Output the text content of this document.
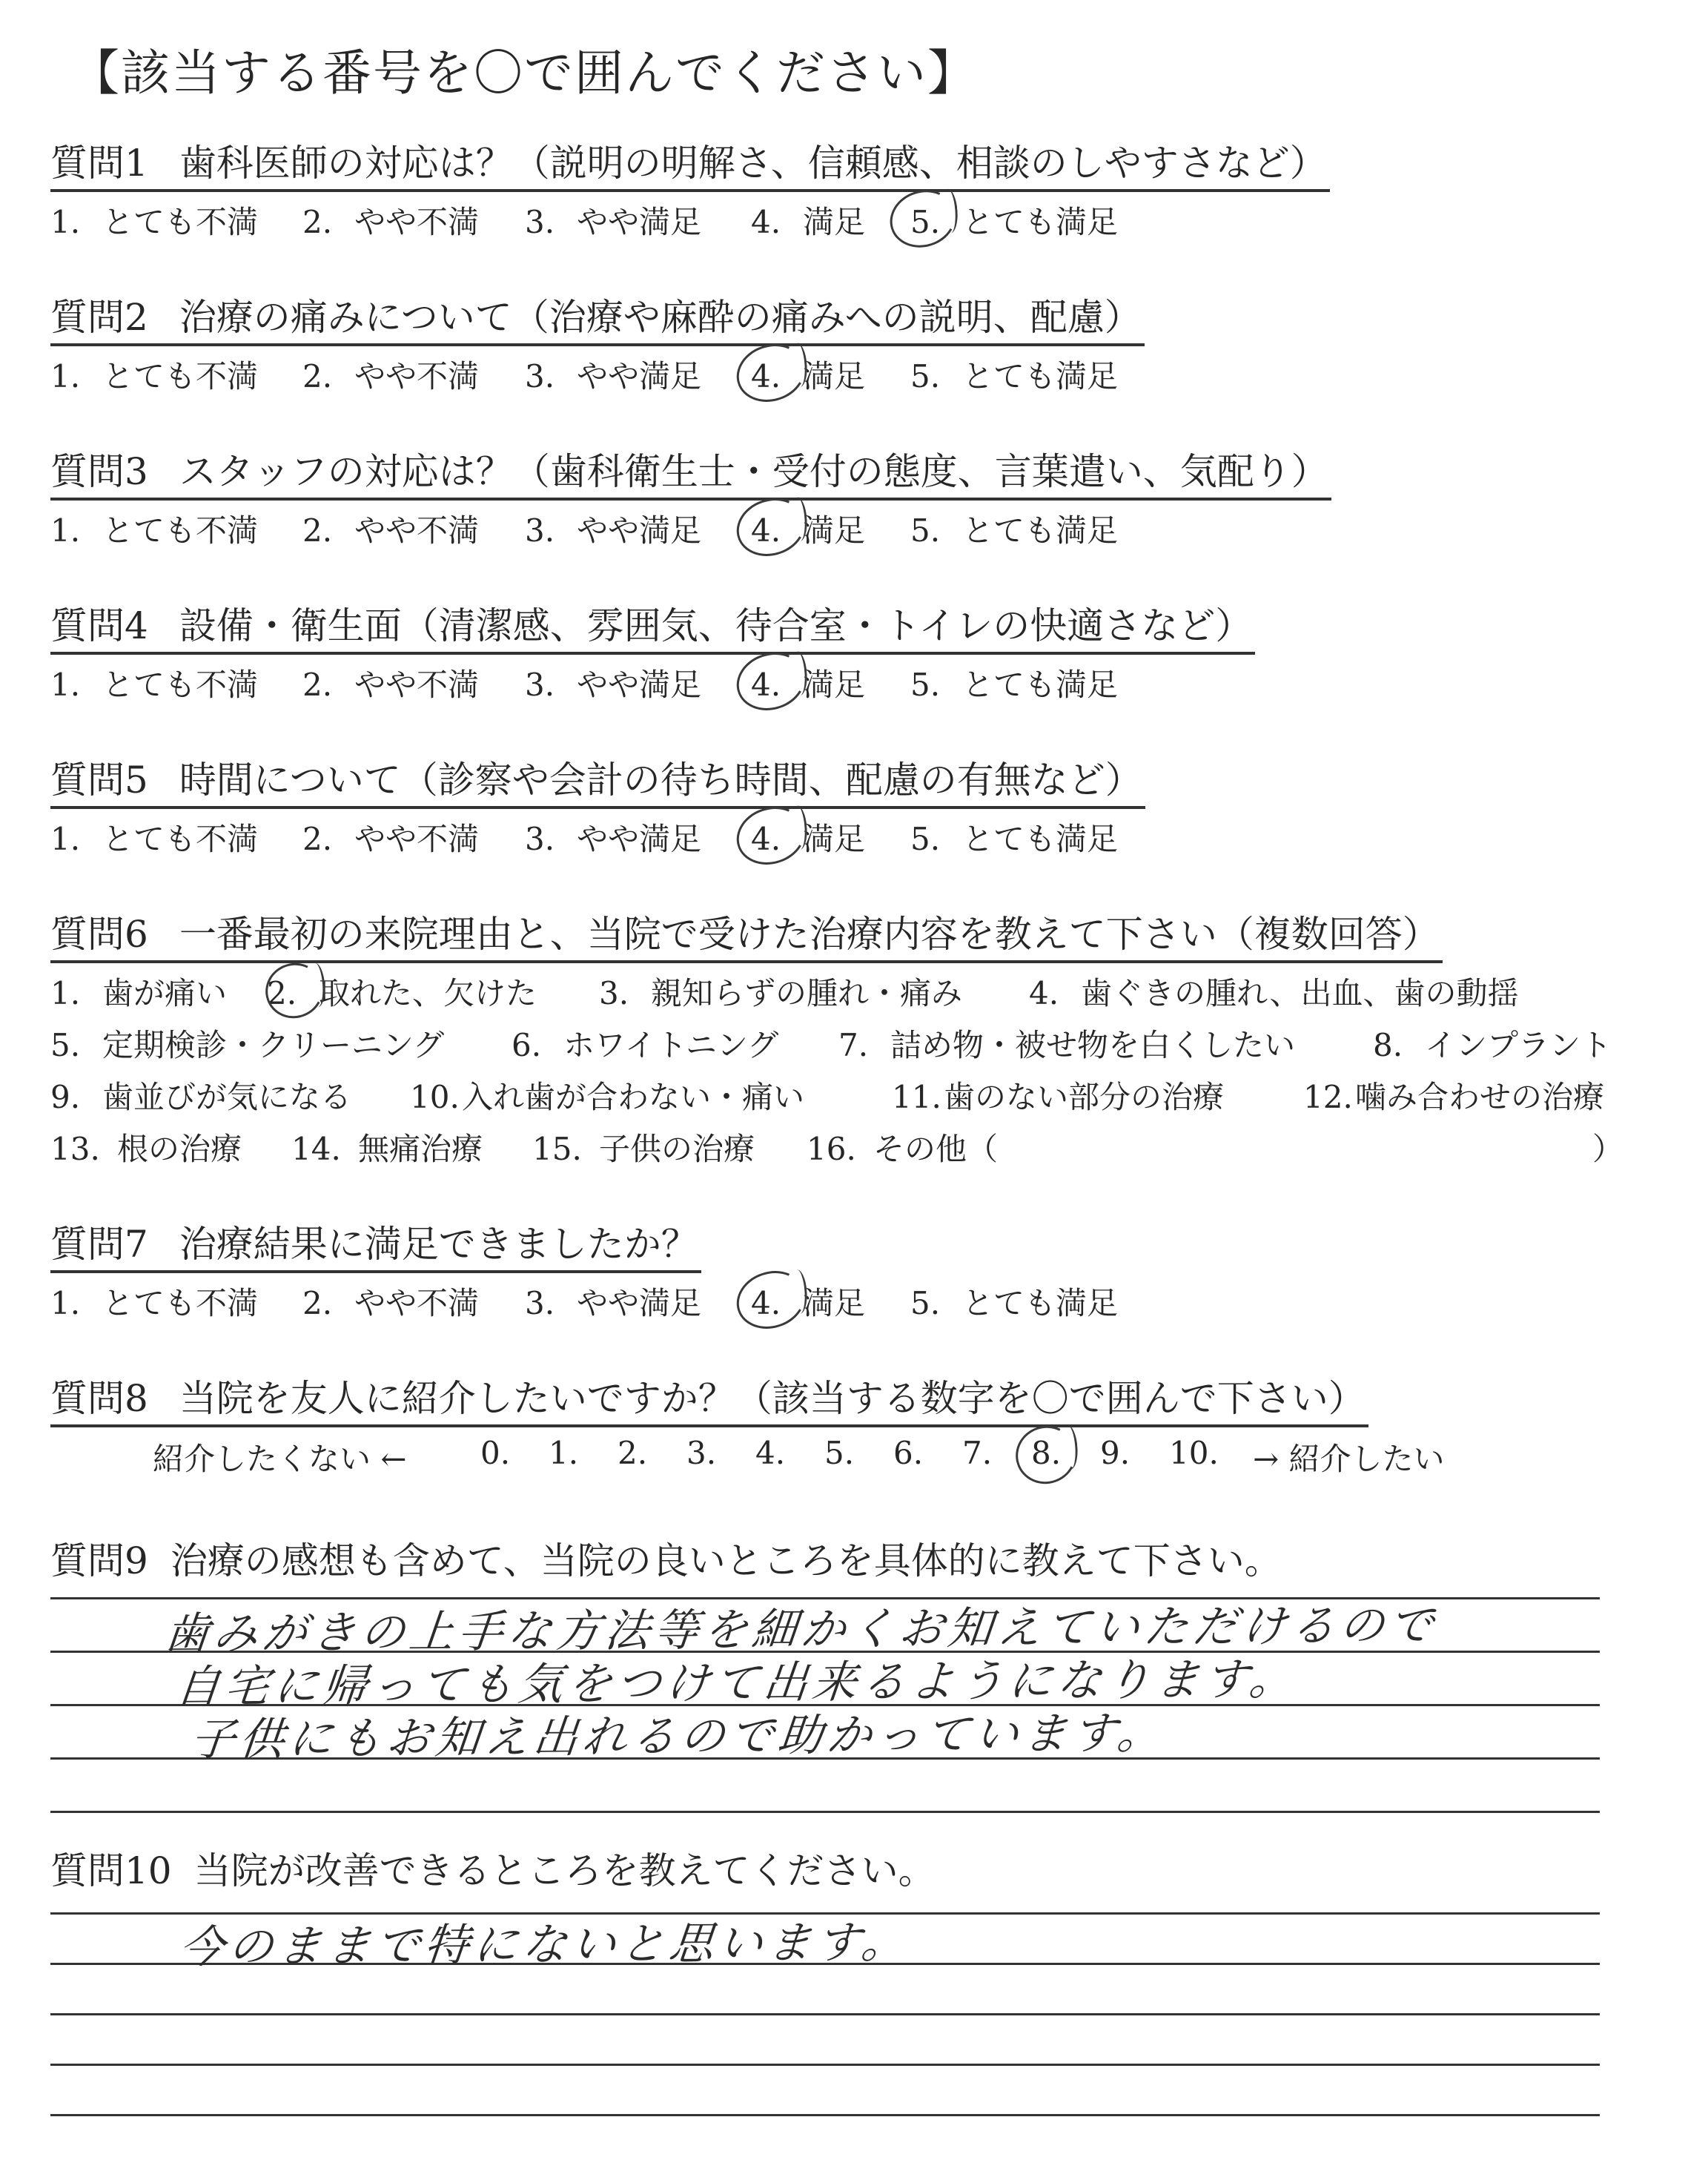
【該当する番号を〇で囲んでください】
質問1 歯科医師の対応は？（説明の明解さ、信頼感、相談のしやすさなど）
1. とても不満 2. やや不満 3. やや満足 4. 満足 5. とても満足
質問2 治療の痛みについて（治療や麻酔の痛みへの説明、配慮）
1. とても不満 2. やや不満 3. やや満足 4. 満足 5. とても満足
質問3 スタッフの対応は？（歯科衛生士・受付の態度、言葉遣い、気配り）
1. とても不満 2. やや不満 3. やや満足 4. 満足 5. とても満足
質問4 設備・衛生面（清潔感、雰囲気、待合室・トイレの快適さなど）
1. とても不満 2. やや不満 3. やや満足 4. 満足 5. とても満足
質問5 時間について（診察や会計の待ち時間、配慮の有無など）
1. とても不満 2. やや不満 3. やや満足 4. 満足 5. とても満足
質問6 一番最初の来院理由と、当院で受けた治療内容を教えて下さい（複数回答）
1. 歯が痛い 2. 取れた、欠けた 3. 親知らずの腫れ・痛み 4. 歯ぐきの腫れ、出血、歯の動揺
5. 定期検診・クリーニング 6. ホワイトニング 7. 詰め物・被せ物を白くしたい 8. インプラント
9. 歯並びが気になる 10.入れ歯が合わない・痛い	11.歯のない部分の治療	12.噛み合わせの治療
13. 根の治療 14. 無痛治療 15. 子供の治療 16. その他（	）
質問7 治療結果に満足できましたか？
1. とても不満 2. やや不満 3. やや満足 4. 満足 5. とても満足
質問8 当院を友人に紹介したいですか？（該当する数字を〇で囲んで下さい）
紹介したくない ← 0. 1. 2. 3. 4. 5. 6. 7. 8. 9. 10. → 紹介したい
質問9 治療の感想も含めて、当院の良いところを具体的に教えて下さい。
歯みがきの上手な方法等を細かくお知えていただけるので
自宅に帰っても気をつけて出来るようになります。
子供にもお知え出れるので助かっています。
質問10 当院が改善できるところを教えてください。
今のままで特にないと思います。
